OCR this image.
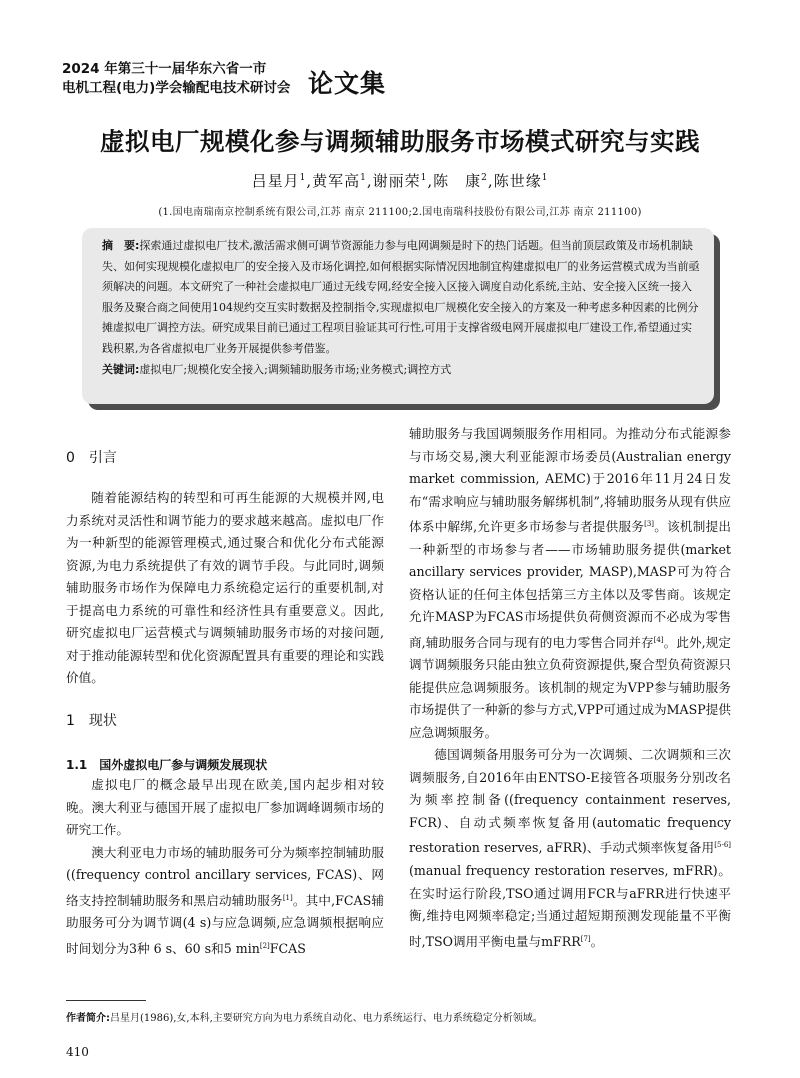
2024 年第三十一届华东六省一市
电机工程(电力)学会输配电技术研讨会 论文集
虚拟电厂规模化参与调频辅助服务市场模式研究与实践
吕星月$^1$,黄军高$^1$,谢丽荣$^1$,陈　康$^2$,陈世缘$^1$
(1.国电南瑞南京控制系统有限公司,江苏 南京 211100;2.国电南瑞科技股份有限公司,江苏 南京 211100)
摘　要:探索通过虚拟电厂技术,激活需求侧可调节资源能力参与电网调频是时下的热门话题。但当前顶层政策及市场机制缺失、如何实现规模化虚拟电厂的安全接入及市场化调控,如何根据实际情况因地制宜构建虚拟电厂的业务运营模式成为当前亟须解决的问题。本文研究了一种社会虚拟电厂通过无线专网,经安全接入区接入调度自动化系统,主站、安全接入区统一接入服务及聚合商之间使用104规约交互实时数据及控制指令,实现虚拟电厂规模化安全接入的方案及一种考虑多种因素的比例分摊虚拟电厂调控方法。研究成果目前已通过工程项目验证其可行性,可用于支撑省级电网开展虚拟电厂建设工作,希望通过实践积累,为各省虚拟电厂业务开展提供参考借鉴。
关键词:虚拟电厂;规模化安全接入;调频辅助服务市场;业务模式;调控方式
0　引言

随着能源结构的转型和可再生能源的大规模并网,电力系统对灵活性和调节能力的要求越来越高。虚拟电厂作为一种新型的能源管理模式,通过聚合和优化分布式能源资源,为电力系统提供了有效的调节手段。与此同时,调频辅助服务市场作为保障电力系统稳定运行的重要机制,对于提高电力系统的可靠性和经济性具有重要意义。因此,研究虚拟电厂运营模式与调频辅助服务市场的对接问题,对于推动能源转型和优化资源配置具有重要的理论和实践价值。

1　现状
1.1　国外虚拟电厂参与调频发展现状

虚拟电厂的概念最早出现在欧美,国内起步相对较晚。澳大利亚与德国开展了虚拟电厂参加调峰调频市场的研究工作。

澳大利亚电力市场的辅助服务可分为频率控制辅助服((frequency control ancillary services, FCAS)、网络支持控制辅助服务和黑启动辅助服务[1]。其中,FCAS辅助服务可分为调节调(4 s)与应急调频,应急调频根据响应时间划分为3种 6 s、60 s和5 min[2]FCAS

辅助服务与我国调频服务作用相同。为推动分布式能源参与市场交易,澳大利亚能源市场委员(Australian energy market commission, AEMC)于2016年11月24日发布“需求响应与辅助服务解绑机制”,将辅助服务从现有供应体系中解绑,允许更多市场参与者提供服务[3]。该机制提出一种新型的市场参与者——市场辅助服务提供(market ancillary services provider, MASP),MASP可为符合资格认证的任何主体包括第三方主体以及零售商。该规定允许MASP为FCAS市场提供负荷侧资源而不必成为零售商,辅助服务合同与现有的电力零售合同并存[4]。此外,规定调节调频服务只能由独立负荷资源提供,聚合型负荷资源只能提供应急调频服务。该机制的规定为VPP参与辅助服务市场提供了一种新的参与方式,VPP可通过成为MASP提供应急调频服务。

德国调频备用服务可分为一次调频、二次调频和三次调频服务,自2016年由ENTSO-E接管各项服务分别改名为频率控制备((frequency containment reserves, FCR)、自动式频率恢复备用(automatic frequency restoration reserves, aFRR)、手动式频率恢复备用[5-6](manual frequency restoration reserves, mFRR)。在实时运行阶段,TSO通过调用FCR与aFRR进行快速平衡,维持电网频率稳定;当通过超短期预测发现能量不平衡时,TSO调用平衡电量与mFRR[7]。

作者简介:吕星月(1986),女,本科,主要研究方向为电力系统自动化、电力系统运行、电力系统稳定分析领域。
410
